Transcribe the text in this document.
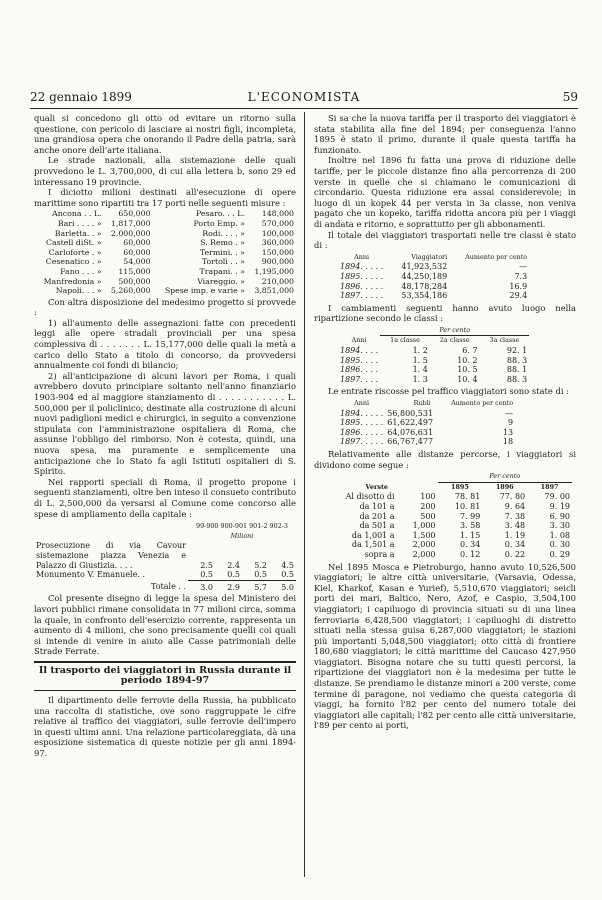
22 gennaio 1899	L'ECONOMISTA	59

quali si concedono gli otto od evitare un ritorno sulla questione, con pericolo di lasciare ai nostri figli, incompleta, una grandiosa opera che onorando il Padre della patria, sarà anche onore dell'arte italiana.

Le strade nazionali, alla sistemazione delle quali provvedono le L. 3,700,000, di cui alla lettera b, sono 29 ed interessano 19 provincie.

I diciotto milioni destinati all'esecuzione di opere marittime sono ripartiti tra 17 porti nelle seguenti misure :

Ancona . . L.	650,000	Pesaro. . . L.	148,000
Bari . . . . »	1,817,000	Porto Emp. »	570,000
Barletta. . »	2,000,000	Rodi. . . . »	100,000
Castell diSt. »	60,000	S. Remo . »	360,000
Carloforte . »	60,000	Termini. . »	150,000
Cesenatico . »	54,000	Tortolì . . »	900,000
Fano . . . »	115,000	Trapani. . »	1,195,000
Manfredonia »	500,000	Viareggio. »	210,000
Napoli. . . »	5,260,000	Spese imp. e varie »	3,851,000

Con altra disposizione del medesimo progetto si provvede :

1) all'aumento delle assegnazioni fatte con precedenti leggi alle opere stradali provinciali per una spesa complessiva di . . . . . . . L. 15,177,000 delle quali la metà a carico dello Stato a titolo di concorso, da provvedersi annualmente coi fondi di bilancio;

2) all'anticipazione di alcuni lavori per Roma, i quali avrebbero dovuto principiare soltanto nell'anno finanziario 1903-904 ed al maggiore stanziamento di . . . . . . . . . . . L. 500,000 per il policlinico, destinate alla costruzione di alcuni nuovi padiglioni medici e chirurgici, in seguito a convenzione stipulata con l'amministrazione ospitaliera di Roma, che assunse l'obbligo del rimborso. Non è cotesta, quindi, una nuova spesa, ma puramente e semplicemente una anticipazione che lo Stato fa agli Istituti ospitalieri di S. Spirito.

Nei rapporti speciali di Roma, il progetto propone i seguenti stanziamenti, oltre ben inteso il consueto contributo di L. 2,500,000 da versarsi al Comune come concorso alle spese di ampliamento della capitale :

	99-900 900-901 901-2 902-3			
	Milioni			
Prosecuzione di via Cavour sistemazione piazza Venezia e Palazzo di Giustizia. . . .	2.5	2.4	5.2	4.5
Monumento V. Emanuele. .	0.5	0.5	0.5	0.5
Totale . .	3.0	2.9	5.7	5.0

Col presente disegno di legge la spesa del Ministero dei lavori pubblici rimane consolidata in 77 milioni circa, somma la quale, in confronto dell'esercizio corrente, rappresenta un aumento di 4 milioni, che sono precisamente quelli coi quali si intende di venire in aiuto alle Casse patrimoniali delle Strade Ferrate.

Il trasporto dei viaggiatori in Russia durante il periodo 1894-97

Il dipartimento delle ferrovie della Russia, ha pubblicato una raccolta di statistiche, ove sono raggruppate le cifre relative al traffico dei viaggiatori, sulle ferrovie dell'impero in questi ultimi anni. Una relazione particolareggiata, dà una esposizione sistematica di queste notizie per gli anni 1894-97.

Si sa che la nuova tariffa per il trasporto dei viaggiatori è stata stabilita alla fine del 1894; per conseguenza l'anno 1895 è stato il primo, durante il quale questa tariffa ha funzionato.

Inoltre nel 1896 fu fatta una prova di riduzione delle tariffe, per le piccole distanze fino alla percorrenza di 200 verste in quelle che si chiamano le comunicazioni di circondario. Questa riduzione era assai considerevole; in luogo di un kopek 44 per versta in 3a classe, non veniva pagato che un kopeko, tariffa ridotta ancora più per i viaggi di andata e ritorno, e soprattutto per gli abbonamenti.

Il totale dei viaggiatori trasportati nelle tre classi è stato di :

Anni	Viaggiatori	Aumento per cento
1894. . . . .	41,923,532	—
1895. . . . .	44,250,189	7.3
1896. . . . .	48,178,284	16.9
1897. . . . .	53,354,186	29.4

I cambiamenti seguenti hanno avuto luogo nella ripartizione secondo le classi :

	Per cento		
Anni	1a classe	2a classe	3a classe
1894. . . .	1. 2	6. 7	92. 1
1895. . . .	1. 5	10. 2	88. 3
1896. . . .	1. 4	10. 5	88. 1
1897. . . .	1. 3	10. 4	88. 3

Le entrate riscosse pel traffico viaggiatori sono state di :

Anni	Rubli	Aumento per cento
1894. . . . .	56,800,531	—
1895. . . . .	61,622,497	9
1896. . . . .	64,076,631	13
1897. . . . .	66,767,477	18

Relativamente alle distanze percorse, i viaggiatori si dividono come segue :

		Per cento		
Verste		1895	1896	1897
Al disotto di	100	78. 81	77. 80	79. 00
da 101 a	200	10. 81	9. 64	9. 19
da 201 a	500	7. 99	7. 38	6. 90
da 501 a	1,000	3. 58	3. 48	3. 30
da 1,001 a	1,500	1. 15	1. 19	1. 08
da 1,501 a	2,000	0. 34	0. 34	0. 30
sopra a	2,000	0. 12	0. 22	0. 29

Nel 1895 Mosca e Pietroburgo, hanno avuto 10,526,500 viaggiatori; le altre città universitarie, (Varsavia, Odessa, Kiel, Kharkof, Kasan e Yurief), 5,510,670 viaggiatori; seicli porti dei mari, Baltico, Nero, Azof, e Caspio, 3,504,100 viaggiatori; i capiluogo di provincia situati su di una linea ferroviaria 6,428,500 viaggiatori; i capiluoghi di distretto situati nella stessa guisa 6,287,000 viaggiatori; le stazioni più importanti 5,048,500 viaggiatori; otto città di frontiere 180,680 viaggiatori; le città marittime del Caucaso 427,950 viaggiatori. Bisogna notare che su tutti questi percorsi, la ripartizione dei viaggiatori non è la medesima per tutte le distanze. Se prendiamo le distanze minori a 200 verste, come termine di paragone, noi vediamo che questa categoria di viaggi, ha fornito l'82 per cento del numero totale dei viaggiatori alle capitali; l'82 per cento alle città universitarie, l'89 per cento ai porti,
